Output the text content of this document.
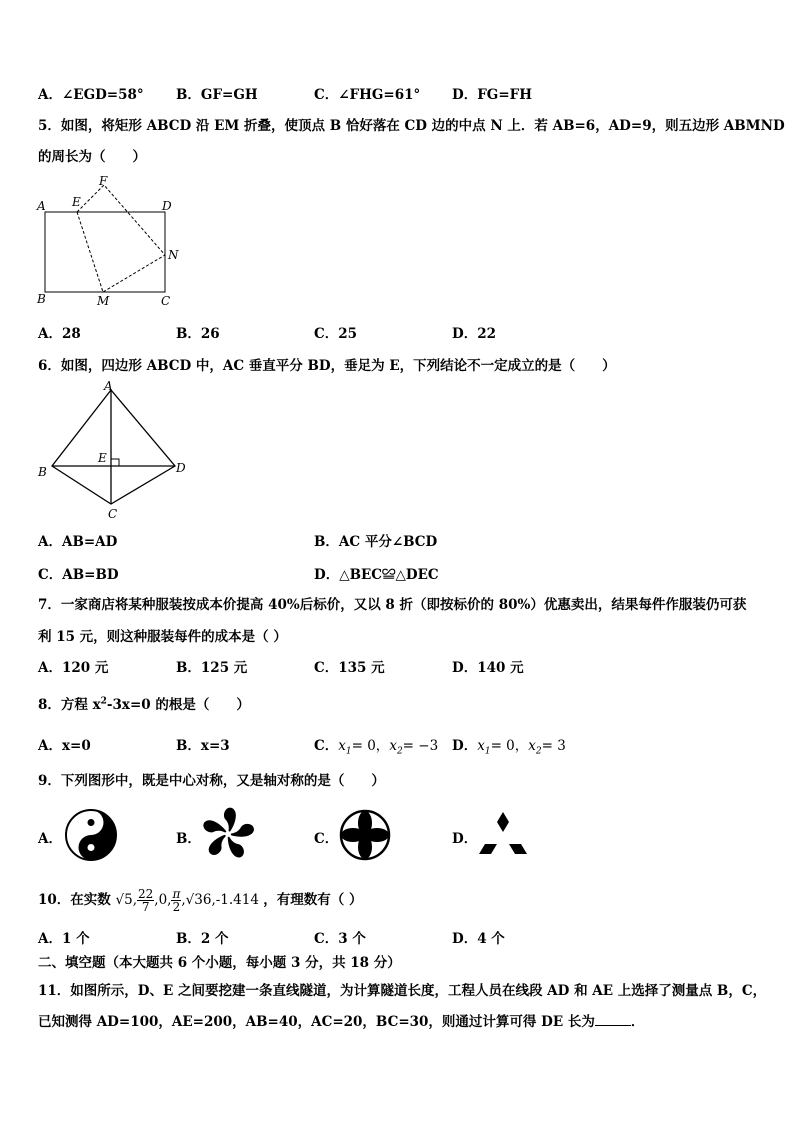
A．∠EGD=58° B．GF=GH	C．∠FHG=61° D．FG=FH
5．如图，将矩形 ABCD 沿 EM 折叠，使顶点 B 恰好落在 CD 边的中点 N 上．若 AB=6，AD=9，则五边形 ABMND
的周长为（　　）
A
B	C
D
E
F
M
N
A．28	B．26	C．25	D．22
6．如图，四边形 ABCD 中，AC 垂直平分 BD，垂足为 E，下列结论不一定成立的是（　　）
A
B
C
D
E
A．AB=AD	B．AC 平分∠BCD
C．AB=BD	D．△BEC≌△DEC
7．一家商店将某种服装按成本价提高 40%后标价，又以 8 折（即按标价的 80%）优惠卖出，结果每件作服装仍可获
利 15 元，则这种服装每件的成本是（ ）
A．120 元	B．125 元	C．135 元	D．140 元
8．方程 $x^2-3x=0$ 的根是（　　）
A．x=0	B．x=3	C．$x_1= 0$，$x_2= -3$ D．$x_1= 0$，$x_2= 3$
9．下列图形中，既是中心对称，又是轴对称的是（　　）
A．	B．	C．	D．
10．在实数 √5, $\frac{22}{7} ,0$, $\frac{\pi}{2} ,√36,-1.414$ ，有理数有（ ）
A．1 个	B．2 个	C．3 个	D．4 个
二、填空题（本大题共 6 个小题，每小题 3 分，共 18 分）
11．如图所示，D、E 之间要挖建一条直线隧道，为计算隧道长度，工程人员在线段 AD 和 AE 上选择了测量点 B，C，
已知测得 AD=100，AE=200，AB=40，AC=20，BC=30，则通过计算可得 DE 长为	．
